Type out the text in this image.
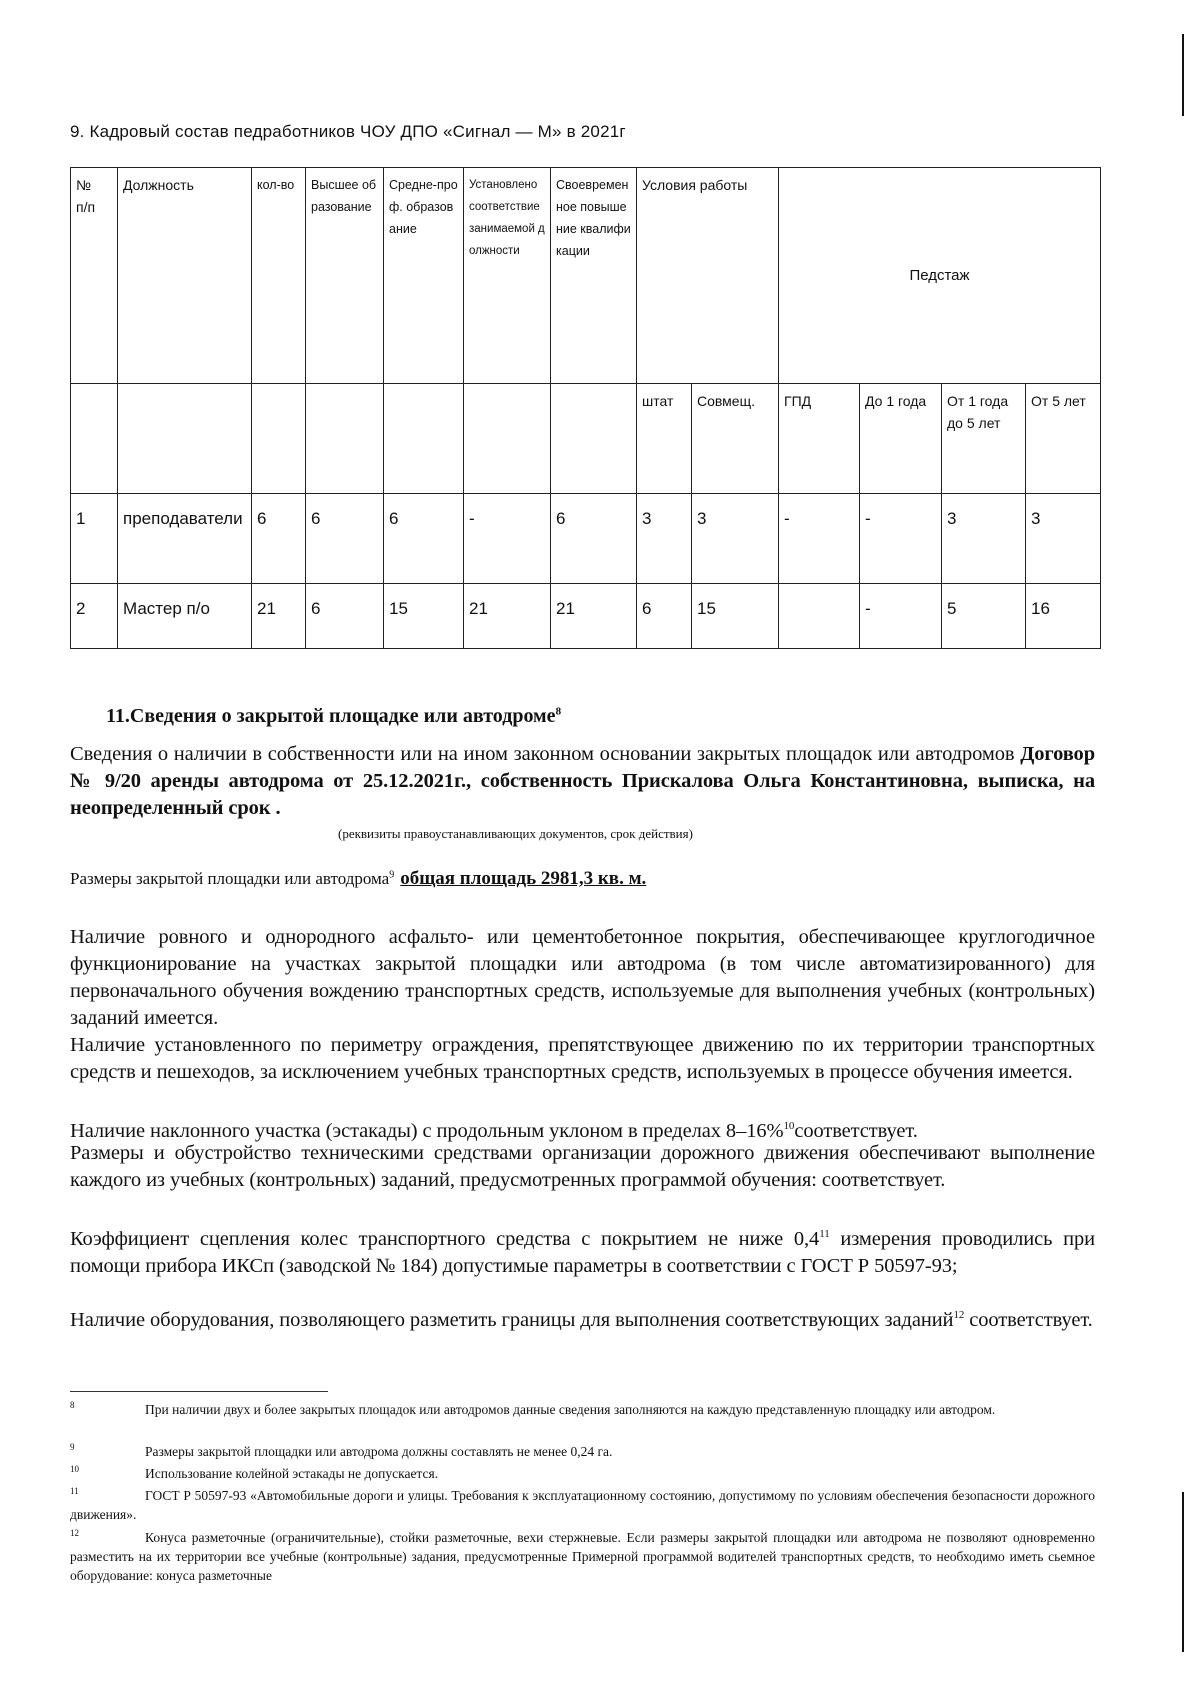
9. Кадровый состав педработников ЧОУ ДПО «Сигнал — М» в 2021г
№
п/п	Должность	кол-во	Высшее образование	Средне-проф. образование	Установлено соответствие занимаемой должности	Своевременное повышение квалификации	Условия работы		Педстаж			
							штат	Совмещ.	ГПД	До 1 года	От 1 года до 5 лет	От 5 лет
1	преподаватели	6	6	6	-	6	3	3	-	-	3	3
2	Мастер п/о	21	6	15	21	21	6	15		-	5	16
11.Сведения о закрытой площадке или автодроме$^8$
Сведения о наличии в собственности или на ином законном основании закрытых площадок или автодромов Договор № 9/20 аренды автодрома от 25.12.2021г., собственность Прискалова Ольга Константиновна, выписка, на неопределенный срок .
(реквизиты правоустанавливающих документов, срок действия)
Размеры закрытой площадки или автодрома$^9$ общая площадь 2981,3 кв. м.
Наличие ровного и однородного асфальто- или цементобетонное покрытия, обеспечивающее круглогодичное функционирование на участках закрытой площадки или автодрома (в том числе автоматизированного) для первоначального обучения вождению транспортных средств, используемые для выполнения учебных (контрольных) заданий имеется.
Наличие установленного по периметру ограждения, препятствующее движению по их территории транспортных средств и пешеходов, за исключением учебных транспортных средств, используемых в процессе обучения имеется.
Наличие наклонного участка (эстакады) с продольным уклоном в пределах 8–16%$^{10}$соответствует.
Размеры и обустройство техническими средствами организации дорожного движения обеспечивают выполнение каждого из учебных (контрольных) заданий, предусмотренных программой обучения: соответствует.
Коэффициент сцепления колес транспортного средства с покрытием не ниже $0,4^{11}$ измерения проводились при помощи прибора ИКСп (заводской № 184) допустимые параметры в соответствии с ГОСТ Р 50597-93;
Наличие оборудования, позволяющего разметить границы для выполнения соответствующих заданий$^{12}$ соответствует.
8	При наличии двух и более закрытых площадок или автодромов данные сведения заполняются на каждую представленную площадку или автодром.
9	Размеры закрытой площадки или автодрома должны составлять не менее 0,24 га.
10	Использование колейной эстакады не допускается.
11	ГОСТ Р 50597-93 «Автомобильные дороги и улицы. Требования к эксплуатационному состоянию, допустимому по условиям обеспечения безопасности дорожного движения».
12	Конуса разметочные (ограничительные), стойки разметочные, вехи стержневые. Если размеры закрытой площадки или автодрома не позволяют одновременно разместить на их территории все учебные (контрольные) задания, предусмотренные Примерной программой водителей транспортных средств, то необходимо иметь сьемное оборудование: конуса разметочные
